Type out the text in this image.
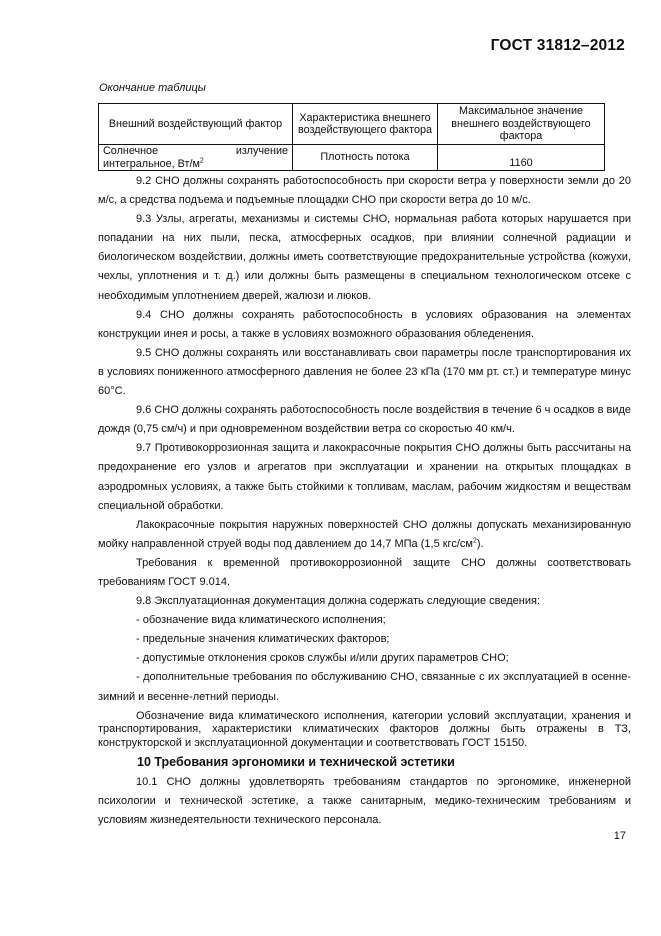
ГОСТ 31812–2012
Окончание таблицы
Внешний воздействующий фактор	Характеристика внешнего воздействующего фактора	Максимальное значение внешнего воздействующего фактора

Солнечное излучение
интегральное, $Вт/м^2$	Плотность потока	1160

9.2 СНО должны сохранять работоспособность при скорости ветра у поверхности земли до 20 м/с, а средства подъема и подъемные площадки СНО при скорости ветра до 10 м/с.

9.3 Узлы, агрегаты, механизмы и системы СНО, нормальная работа которых нарушается при попадании на них пыли, песка, атмосферных осадков, при влиянии солнечной радиации и биологическом воздействии, должны иметь соответствующие предохранительные устройства (кожухи, чехлы, уплотнения и т. д.) или должны быть размещены в специальном технологическом отсеке с необходимым уплотнением дверей, жалюзи и люков.

9.4 СНО должны сохранять работоспособность в условиях образования на элементах конструкции инея и росы, а также в условиях возможного образования обледенения.

9.5 СНО должны сохранять или восстанавливать свои параметры после транспортирования их в условиях пониженного атмосферного давления не более 23 кПа (170 мм рт. ст.) и температуре минус 60°С.

9.6 СНО должны сохранять работоспособность после воздействия в течение 6 ч осадков в виде дождя (0,75 см/ч) и при одновременном воздействии ветра со скоростью 40 км/ч.

9.7 Противокоррозионная защита и лакокрасочные покрытия СНО должны быть рассчитаны на предохранение его узлов и агрегатов при эксплуатации и хранении на открытых площадках в аэродромных условиях, а также быть стойкими к топливам, маслам, рабочим жидкостям и веществам специальной обработки.

Лакокрасочные покрытия наружных поверхностей СНО должны допускать механизированную мойку направленной струей воды под давлением до 14,7 МПа (1,5 кгс/$см^2$).

Требования к временной противокоррозионной защите СНО должны соответствовать требованиям ГОСТ 9.014.

9.8 Эксплуатационная документация должна содержать следующие сведения:

- обозначение вида климатического исполнения;

- предельные значения климатических факторов;

- допустимые отклонения сроков службы и/или других параметров СНО;

- дополнительные требования по обслуживанию СНО, связанные с их эксплуатацией в осенне-зимний и весенне-летний периоды.

Обозначение вида климатического исполнения, категории условий эксплуатации, хранения и транспортирования, характеристики климатических факторов должны быть отражены в ТЗ, конструкторской и эксплуатационной документации и соответствовать ГОСТ 15150.

10 Требования эргономики и технической эстетики

10.1 СНО должны удовлетворять требованиям стандартов по эргономике, инженерной психологии и технической эстетике, а также санитарным, медико-техническим требованиям и условиям жизнедеятельности технического персонала.

17
